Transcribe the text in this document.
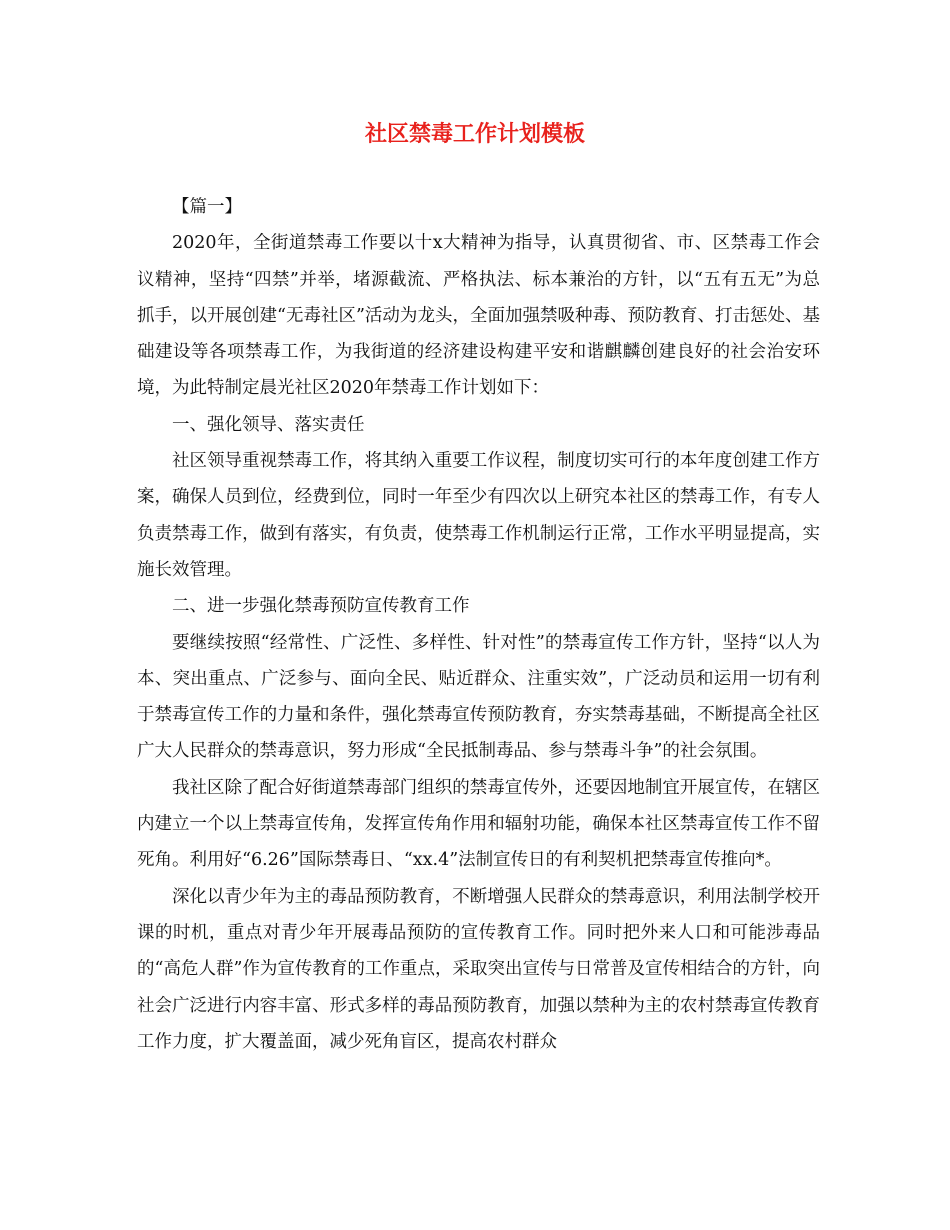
社区禁毒工作计划模板

【篇一】

2020年，全街道禁毒工作要以十x大精神为指导，认真贯彻省、市、区禁毒工作会议精神，坚持“四禁”并举，堵源截流、严格执法、标本兼治的方针，以“五有五无”为总抓手，以开展创建“无毒社区”活动为龙头，全面加强禁吸种毒、预防教育、打击惩处、基础建设等各项禁毒工作，为我街道的经济建设构建平安和谐麒麟创建良好的社会治安环境，为此特制定晨光社区2020年禁毒工作计划如下：

一、强化领导、落实责任

社区领导重视禁毒工作，将其纳入重要工作议程，制度切实可行的本年度创建工作方案，确保人员到位，经费到位，同时一年至少有四次以上研究本社区的禁毒工作，有专人负责禁毒工作，做到有落实，有负责，使禁毒工作机制运行正常，工作水平明显提高，实施长效管理。

二、进一步强化禁毒预防宣传教育工作

要继续按照“经常性、广泛性、多样性、针对性”的禁毒宣传工作方针，坚持“以人为本、突出重点、广泛参与、面向全民、贴近群众、注重实效”，广泛动员和运用一切有利于禁毒宣传工作的力量和条件，强化禁毒宣传预防教育，夯实禁毒基础，不断提高全社区广大人民群众的禁毒意识，努力形成“全民抵制毒品、参与禁毒斗争”的社会氛围。

我社区除了配合好街道禁毒部门组织的禁毒宣传外，还要因地制宜开展宣传，在辖区内建立一个以上禁毒宣传角，发挥宣传角作用和辐射功能，确保本社区禁毒宣传工作不留死角。利用好“6.26”国际禁毒日、“xx.4”法制宣传日的有利契机把禁毒宣传推向*。

深化以青少年为主的毒品预防教育，不断增强人民群众的禁毒意识，利用法制学校开课的时机，重点对青少年开展毒品预防的宣传教育工作。同时把外来人口和可能涉毒品的“高危人群”作为宣传教育的工作重点，采取突出宣传与日常普及宣传相结合的方针，向社会广泛进行内容丰富、形式多样的毒品预防教育，加强以禁种为主的农村禁毒宣传教育工作力度，扩大覆盖面，减少死角盲区，提高农村群众
